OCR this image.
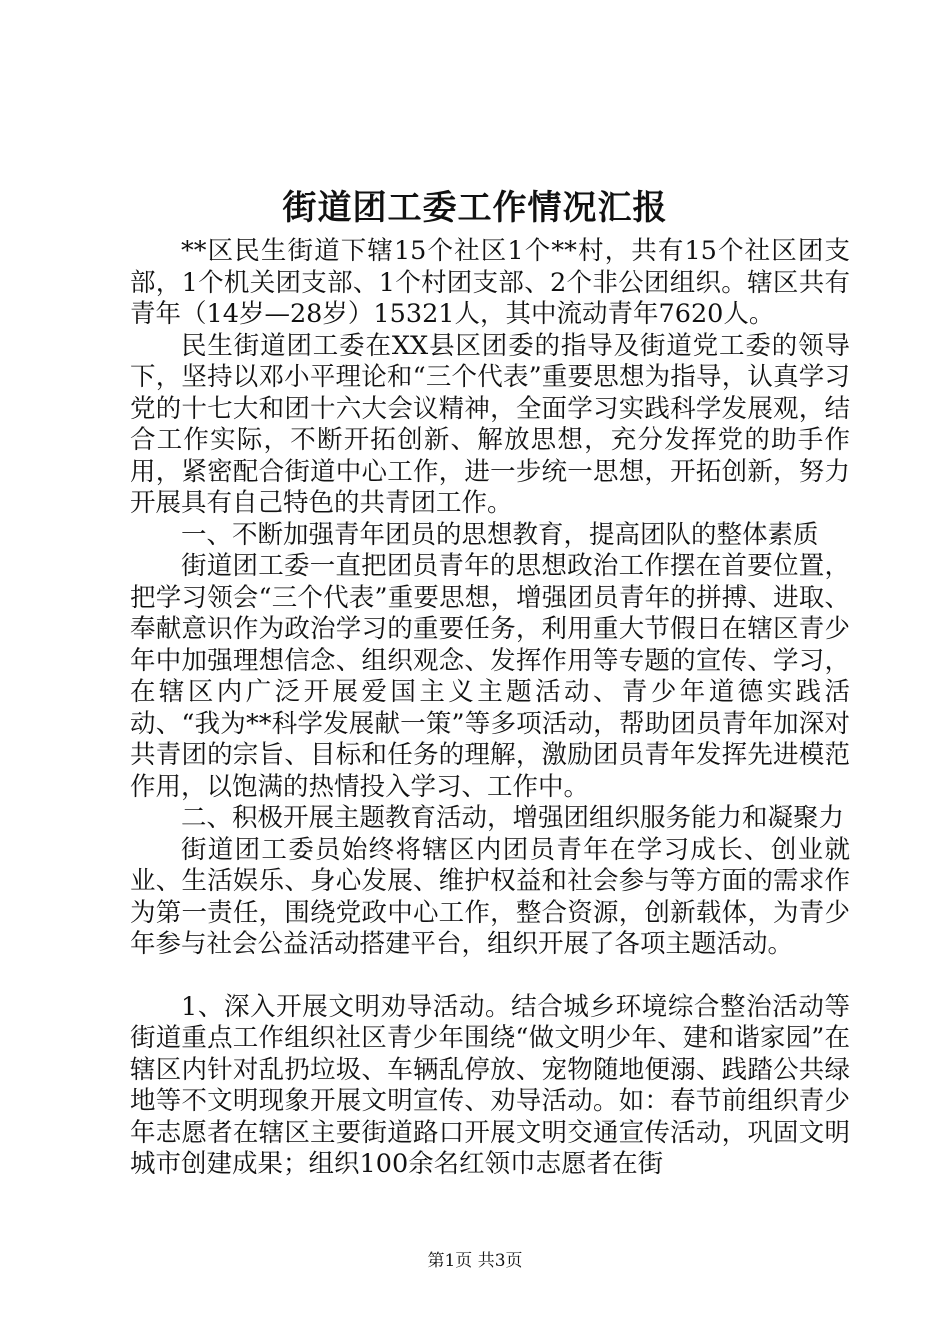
街道团工委工作情况汇报

**区民生街道下辖15个社区1个**村，共有15个社区团支部，1个机关团支部、1个村团支部、2个非公团组织。辖区共有青年（14岁—28岁）15321人，其中流动青年7620人。

民生街道团工委在XX县区团委的指导及街道党工委的领导下，坚持以邓小平理论和“三个代表”重要思想为指导，认真学习党的十七大和团十六大会议精神，全面学习实践科学发展观，结合工作实际，不断开拓创新、解放思想，充分发挥党的助手作用，紧密配合街道中心工作，进一步统一思想，开拓创新，努力开展具有自己特色的共青团工作。

一、不断加强青年团员的思想教育，提高团队的整体素质

街道团工委一直把团员青年的思想政治工作摆在首要位置，把学习领会“三个代表”重要思想，增强团员青年的拼搏、进取、奉献意识作为政治学习的重要任务，利用重大节假日在辖区青少年中加强理想信念、组织观念、发挥作用等专题的宣传、学习，在辖区内广泛开展爱国主义主题活动、青少年道德实践活动、“我为**科学发展献一策”等多项活动，帮助团员青年加深对共青团的宗旨、目标和任务的理解，激励团员青年发挥先进模范作用，以饱满的热情投入学习、工作中。

二、积极开展主题教育活动，增强团组织服务能力和凝聚力

街道团工委员始终将辖区内团员青年在学习成长、创业就业、生活娱乐、身心发展、维护权益和社会参与等方面的需求作为第一责任，围绕党政中心工作，整合资源，创新载体，为青少年参与社会公益活动搭建平台，组织开展了各项主题活动。

1、深入开展文明劝导活动。结合城乡环境综合整治活动等街道重点工作组织社区青少年围绕“做文明少年、建和谐家园”在辖区内针对乱扔垃圾、车辆乱停放、宠物随地便溺、践踏公共绿地等不文明现象开展文明宣传、劝导活动。如：春节前组织青少年志愿者在辖区主要街道路口开展文明交通宣传活动，巩固文明城市创建成果；组织100余名红领巾志愿者在街

第1页 共3页
